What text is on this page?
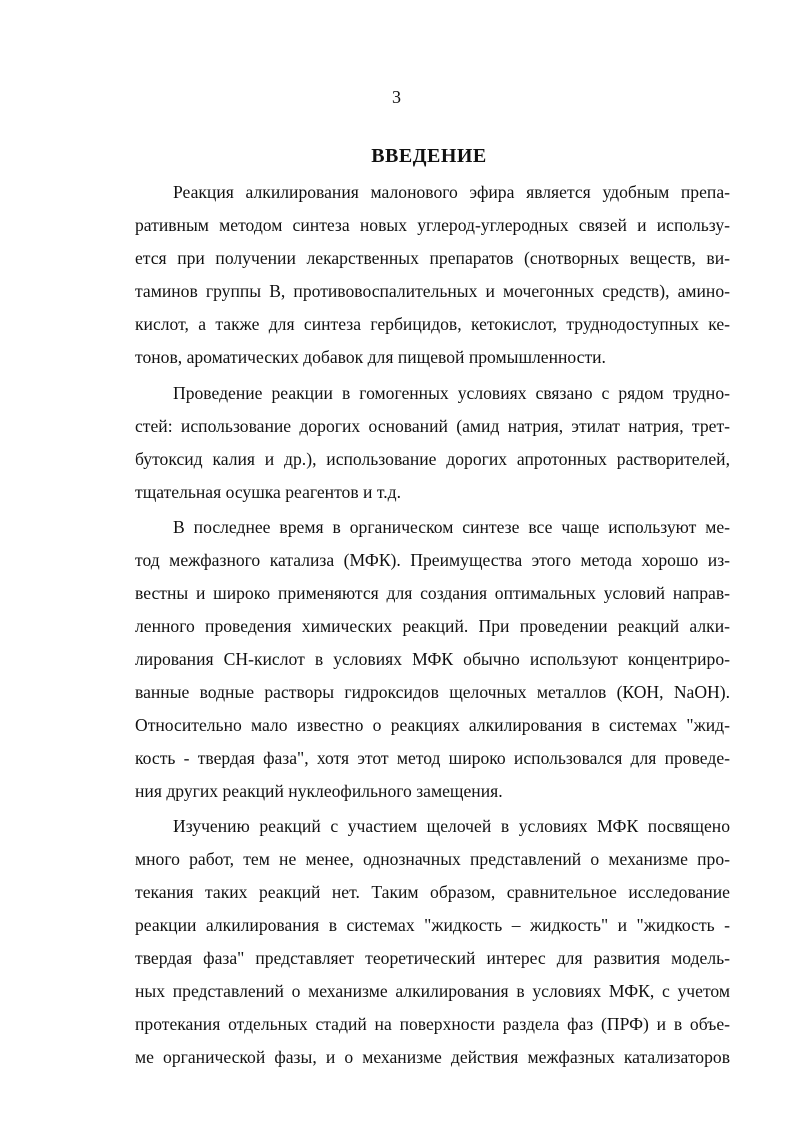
3
ВВЕДЕНИЕ
Реакция алкилирования малонового эфира является удобным препа-
ративным методом синтеза новых углерод-углеродных связей и использу-
ется при получении лекарственных препаратов (снотворных веществ, ви-
таминов группы В, противовоспалительных и мочегонных средств), амино-
кислот, а также для синтеза гербицидов, кетокислот, труднодоступных ке-
тонов, ароматических добавок для пищевой промышленности.
Проведение реакции в гомогенных условиях связано с рядом трудно-
стей: использование дорогих оснований (амид натрия, этилат натрия, трет-
бутоксид калия и др.), использование дорогих апротонных растворителей,
тщательная осушка реагентов и т.д.
В последнее время в органическом синтезе все чаще используют ме-
тод межфазного катализа (МФК). Преимущества этого метода хорошо из-
вестны и широко применяются для создания оптимальных условий направ-
ленного проведения химических реакций. При проведении реакций алки-
лирования СН-кислот в условиях МФК обычно используют концентриро-
ванные водные растворы гидроксидов щелочных металлов (КОН, NaOH).
Относительно мало известно о реакциях алкилирования в системах "жид-
кость - твердая фаза", хотя этот метод широко использовался для проведе-
ния других реакций нуклеофильного замещения.
Изучению реакций с участием щелочей в условиях МФК посвящено
много работ, тем не менее, однозначных представлений о механизме про-
текания таких реакций нет. Таким образом, сравнительное исследование
реакции алкилирования в системах "жидкость – жидкость" и "жидкость -
твердая фаза" представляет теоретический интерес для развития модель-
ных представлений о механизме алкилирования в условиях МФК, с учетом
протекания отдельных стадий на поверхности раздела фаз (ПРФ) и в объе-
ме органической фазы, и о механизме действия межфазных катализаторов
